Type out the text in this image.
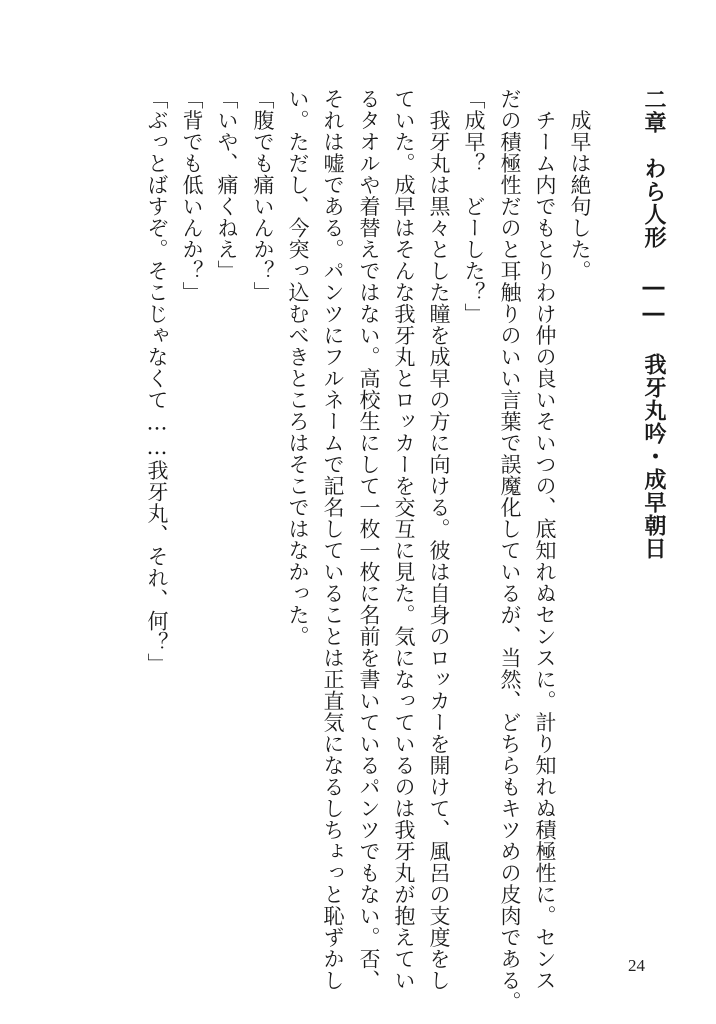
二章　わら人形 ―― 我牙丸吟・成早朝日
　成早は絶句した。
　チーム内でもとりわけ仲の良いそいつの、底知れぬセンスに。計り知れぬ積極性に。センス
だの積極性だのと耳触りのいい言葉で誤魔化しているが、当然、どちらもキツめの皮肉である。
「成早？　どーした？」
　我牙丸は黒々とした瞳を成早の方に向ける。彼は自身のロッカーを開けて、風呂の支度をし
ていた。成早はそんな我牙丸とロッカーを交互に見た。気になっているのは我牙丸が抱えてい
るタオルや着替えではない。高校生にして一枚一枚に名前を書いているパンツでもない。否、
それは嘘である。パンツにフルネームで記名していることは正直気になるしちょっと恥ずかし
い。ただし、今突っ込むべきところはそこではなかった。
「腹でも痛いんか？」
「いや、痛くねえ」
「背でも低いんか？」
「ぶっとばすぞ。そこじゃなくて……我牙丸、それ、何？」
24
